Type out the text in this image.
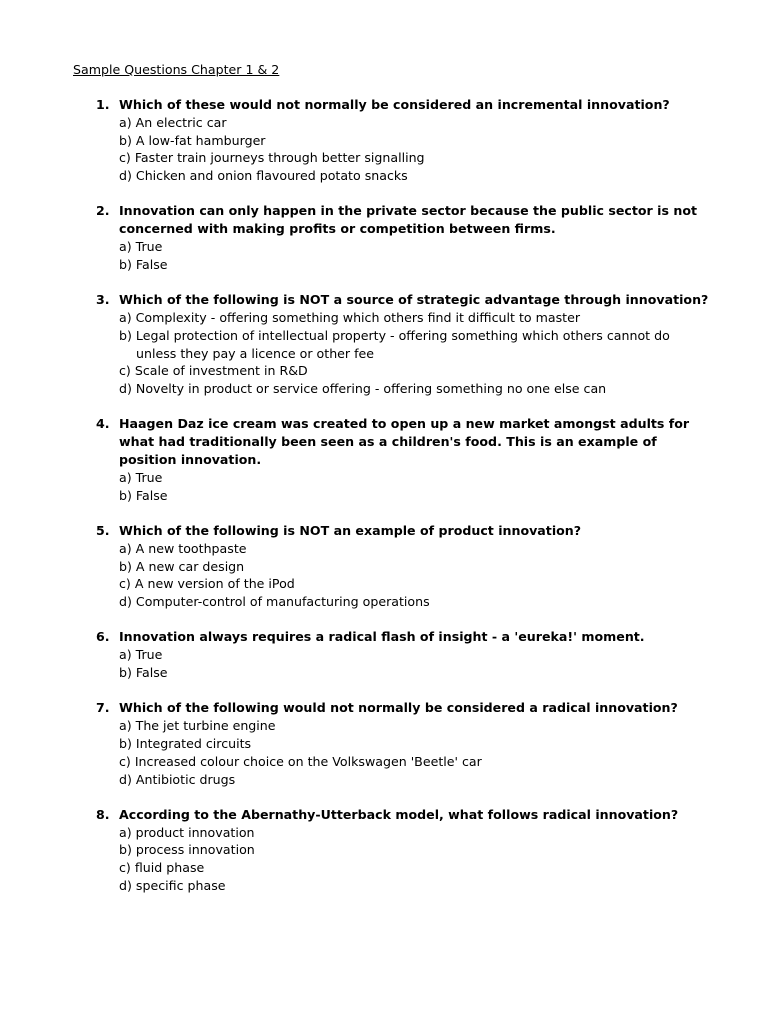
Sample Questions Chapter 1 & 2
1. Which of these would not normally be considered an incremental innovation?

a) An electric car
b) A low-fat hamburger
c) Faster train journeys through better signalling
d) Chicken and onion flavoured potato snacks
2. Innovation can only happen in the private sector because the public sector is not concerned with making profits or competition between firms.

a) True
b) False
3. Which of the following is NOT a source of strategic advantage through innovation?

a) Complexity - offering something which others find it difficult to master
b) Legal protection of intellectual property - offering something which others cannot do unless they pay a licence or other fee
c) Scale of investment in R&D
d) Novelty in product or service offering - offering something no one else can
4. Haagen Daz ice cream was created to open up a new market amongst adults for what had traditionally been seen as a children's food. This is an example of position innovation.

a) True
b) False
5. Which of the following is NOT an example of product innovation?

a) A new toothpaste
b) A new car design
c) A new version of the iPod
d) Computer-control of manufacturing operations
6. Innovation always requires a radical flash of insight - a 'eureka!' moment.

a) True
b) False
7. Which of the following would not normally be considered a radical innovation?

a) The jet turbine engine
b) Integrated circuits
c) Increased colour choice on the Volkswagen 'Beetle' car
d) Antibiotic drugs
8. According to the Abernathy-Utterback model, what follows radical innovation?

a) product innovation
b) process innovation
c) fluid phase
d) specific phase
